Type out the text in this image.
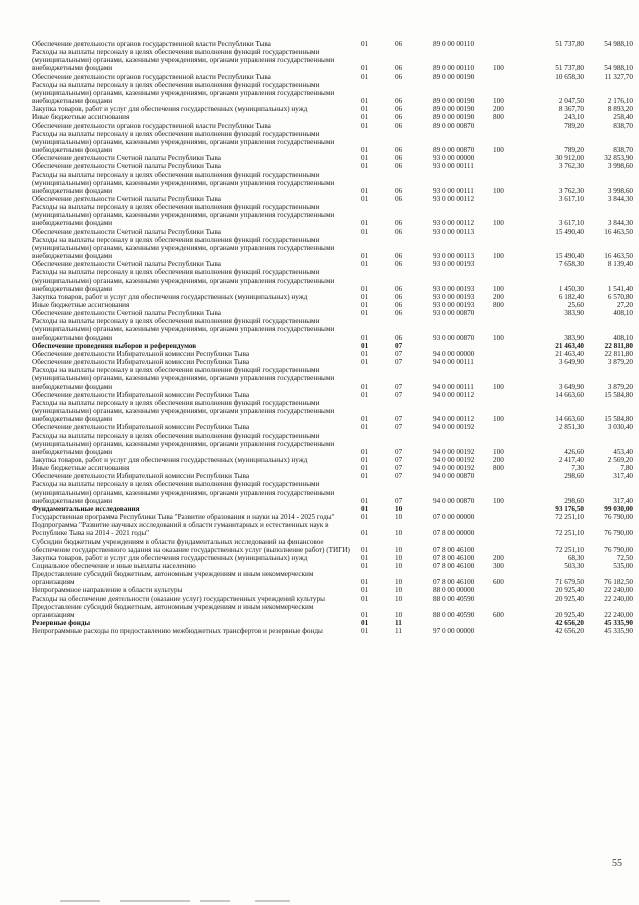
Обеспечение деятельности органов государственной власти Республики Тыва	01	06	89 0 00 00110		51 737,80	54 988,10
Расходы на выплаты персоналу в целях обеспечения выполнения функций государственными (муниципальными) органами, казенными учреждениями, органами управления государственными внебюджетными фондами	01	06	89 0 00 00110	100	51 737,80	54 988,10
Обеспечение деятельности органов государственной власти Республики Тыва	01	06	89 0 00 00190		10 658,30	11 327,70
Расходы на выплаты персоналу в целях обеспечения выполнения функций государственными (муниципальными) органами, казенными учреждениями, органами управления государственными внебюджетными фондами	01	06	89 0 00 00190	100	2 047,50	2 176,10
Закупка товаров, работ и услуг для обеспечения государственных (муниципальных) нужд	01	06	89 0 00 00190	200	8 367,70	8 893,20
Иные бюджетные ассигнования	01	06	89 0 00 00190	800	243,10	258,40
Обеспечение деятельности органов государственной власти Республики Тыва	01	06	89 0 00 00870		789,20	838,70
Расходы на выплаты персоналу в целях обеспечения выполнения функций государственными (муниципальными) органами, казенными учреждениями, органами управления государственными внебюджетными фондами	01	06	89 0 00 00870	100	789,20	838,70
Обеспечение деятельности Счетной палаты Республики Тыва	01	06	93 0 00 00000		30 912,00	32 853,90
Обеспечение деятельности Счетной палаты Республики Тыва	01	06	93 0 00 00111		3 762,30	3 998,60
Расходы на выплаты персоналу в целях обеспечения выполнения функций государственными (муниципальными) органами, казенными учреждениями, органами управления государственными внебюджетными фондами	01	06	93 0 00 00111	100	3 762,30	3 998,60
Обеспечение деятельности Счетной палаты Республики Тыва	01	06	93 0 00 00112		3 617,10	3 844,30
Расходы на выплаты персоналу в целях обеспечения выполнения функций государственными (муниципальными) органами, казенными учреждениями, органами управления государственными внебюджетными фондами	01	06	93 0 00 00112	100	3 617,10	3 844,30
Обеспечение деятельности Счетной палаты Республики Тыва	01	06	93 0 00 00113		15 490,40	16 463,50
Расходы на выплаты персоналу в целях обеспечения выполнения функций государственными (муниципальными) органами, казенными учреждениями, органами управления государственными внебюджетными фондами	01	06	93 0 00 00113	100	15 490,40	16 463,50
Обеспечение деятельности Счетной палаты Республики Тыва	01	06	93 0 00 00193		7 658,30	8 139,40
Расходы на выплаты персоналу в целях обеспечения выполнения функций государственными (муниципальными) органами, казенными учреждениями, органами управления государственными внебюджетными фондами	01	06	93 0 00 00193	100	1 450,30	1 541,40
Закупка товаров, работ и услуг для обеспечения государственных (муниципальных) нужд	01	06	93 0 00 00193	200	6 182,40	6 570,80
Иные бюджетные ассигнования	01	06	93 0 00 00193	800	25,60	27,20
Обеспечение деятельности Счетной палаты Республики Тыва	01	06	93 0 00 00870		383,90	408,10
Расходы на выплаты персоналу в целях обеспечения выполнения функций государственными (муниципальными) органами, казенными учреждениями, органами управления государственными внебюджетными фондами	01	06	93 0 00 00870	100	383,90	408,10
Обеспечение проведения выборов и референдумов	01	07			21 463,40	22 811,80
Обеспечение деятельности Избирательной комиссии Республики Тыва	01	07	94 0 00 00000		21 463,40	22 811,80
Обеспечение деятельности Избирательной комиссии Республики Тыва	01	07	94 0 00 00111		3 649,90	3 879,20
Расходы на выплаты персоналу в целях обеспечения выполнения функций государственными (муниципальными) органами, казенными учреждениями, органами управления государственными внебюджетными фондами	01	07	94 0 00 00111	100	3 649,90	3 879,20
Обеспечение деятельности Избирательной комиссии Республики Тыва	01	07	94 0 00 00112		14 663,60	15 584,80
Расходы на выплаты персоналу в целях обеспечения выполнения функций государственными (муниципальными) органами, казенными учреждениями, органами управления государственными внебюджетными фондами	01	07	94 0 00 00112	100	14 663,60	15 584,80
Обеспечение деятельности Избирательной комиссии Республики Тыва	01	07	94 0 00 00192		2 851,30	3 030,40
Расходы на выплаты персоналу в целях обеспечения выполнения функций государственными (муниципальными) органами, казенными учреждениями, органами управления государственными внебюджетными фондами	01	07	94 0 00 00192	100	426,60	453,40
Закупка товаров, работ и услуг для обеспечения государственных (муниципальных) нужд	01	07	94 0 00 00192	200	2 417,40	2 569,20
Иные бюджетные ассигнования	01	07	94 0 00 00192	800	7,30	7,80
Обеспечение деятельности Избирательной комиссии Республики Тыва	01	07	94 0 00 00870		298,60	317,40
Расходы на выплаты персоналу в целях обеспечения выполнения функций государственными (муниципальными) органами, казенными учреждениями, органами управления государственными внебюджетными фондами	01	07	94 0 00 00870	100	298,60	317,40
Фундаментальные исследования	01	10			93 176,50	99 030,00
Государственная программа Республики Тыва "Развитие образования и науки на 2014 - 2025 годы"	01	10	07 0 00 00000		72 251,10	76 790,00
Подпрограмма "Развитие научных исследований в области гуманитарных и естественных наук в Республике Тыва на 2014 - 2021 годы"	01	10	07 8 00 00000		72 251,10	76 790,00
Субсидии бюджетным учреждениям в области фундаментальных исследований на финансовое обеспечение государственного задания на оказание государственных услуг (выполнение работ) (ТИГИ)	01	10	07 8 00 46100		72 251,10	76 790,00
Закупка товаров, работ и услуг для обеспечения государственных (муниципальных) нужд	01	10	07 8 00 46100	200	68,30	72,50
Социальное обеспечение и иные выплаты населению	01	10	07 8 00 46100	300	503,30	535,00
Предоставление субсидий бюджетным, автономным учреждениям и иным некоммерческим организациям	01	10	07 8 00 46100	600	71 679,50	76 182,50
Непрограммное направление в области культуры	01	10	88 0 00 00000		20 925,40	22 240,00
Расходы на обеспечение деятельности (оказание услуг) государственных учреждений культуры	01	10	88 0 00 40590		20 925,40	22 240,00
Предоставление субсидий бюджетным, автономным учреждениям и иным некоммерческим организациям	01	10	88 0 00 40590	600	20 925,40	22 240,00
Резервные фонды	01	11			42 656,20	45 335,90
Непрограммные расходы по предоставлению межбюджетных трансфертов и резервные фонды	01	11	97 0 00 00000		42 656,20	45 335,90
55
